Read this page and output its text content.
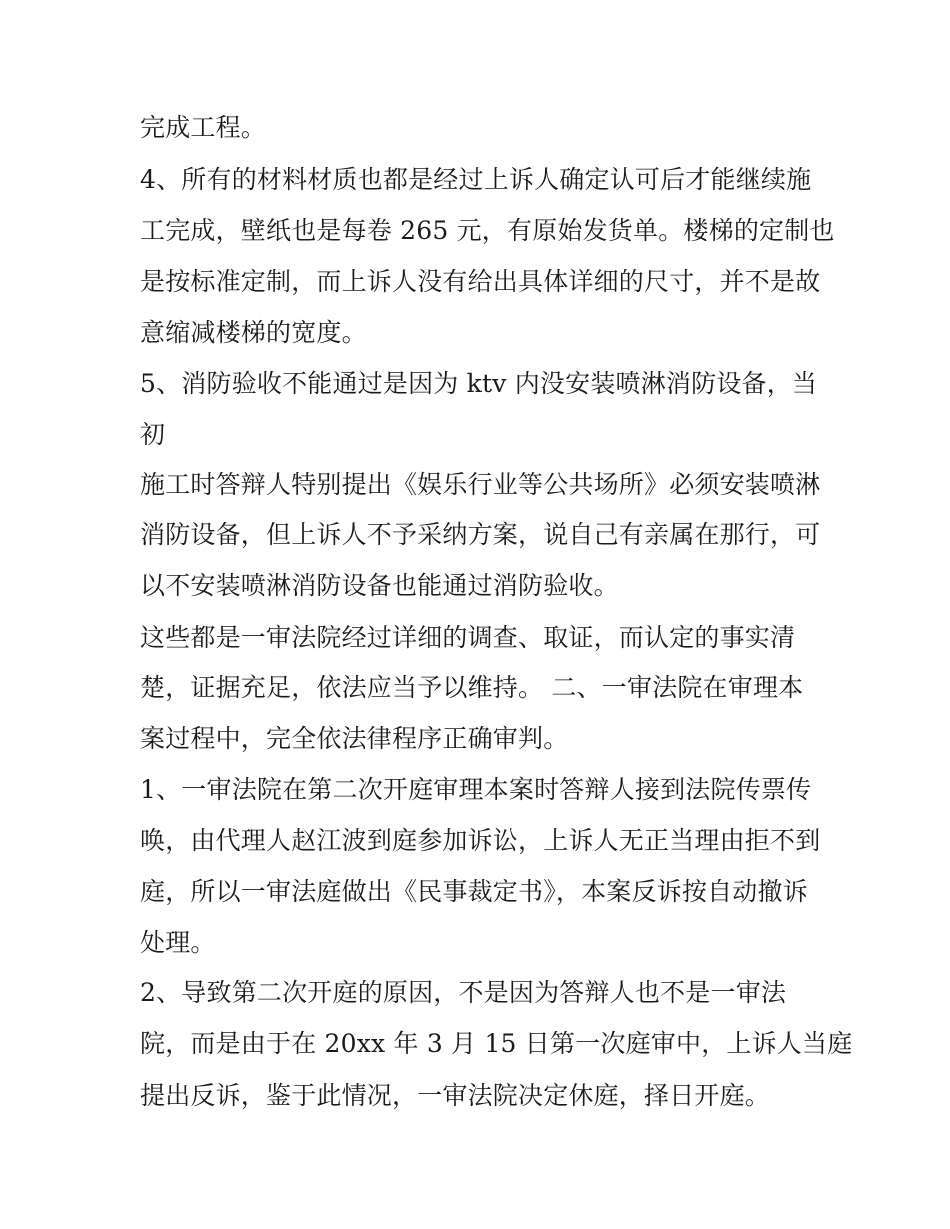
完成工程。
4、所有的材料材质也都是经过上诉人确定认可后才能继续施
工完成，壁纸也是每卷 265 元，有原始发货单。楼梯的定制也
是按标准定制，而上诉人没有给出具体详细的尺寸，并不是故
意缩减楼梯的宽度。
5、消防验收不能通过是因为 ktv 内没安装喷淋消防设备，当
初
施工时答辩人特别提出《娱乐行业等公共场所》必须安装喷淋
消防设备，但上诉人不予采纳方案，说自己有亲属在那行，可
以不安装喷淋消防设备也能通过消防验收。
这些都是一审法院经过详细的调查、取证，而认定的事实清
楚，证据充足，依法应当予以维持。 二、一审法院在审理本
案过程中，完全依法律程序正确审判。
1、一审法院在第二次开庭审理本案时答辩人接到法院传票传
唤，由代理人赵江波到庭参加诉讼，上诉人无正当理由拒不到
庭，所以一审法庭做出《民事裁定书》，本案反诉按自动撤诉
处理。
2、导致第二次开庭的原因，不是因为答辩人也不是一审法
院，而是由于在 20xx 年 3 月 15 日第一次庭审中，上诉人当庭
提出反诉，鉴于此情况，一审法院决定休庭，择日开庭。
